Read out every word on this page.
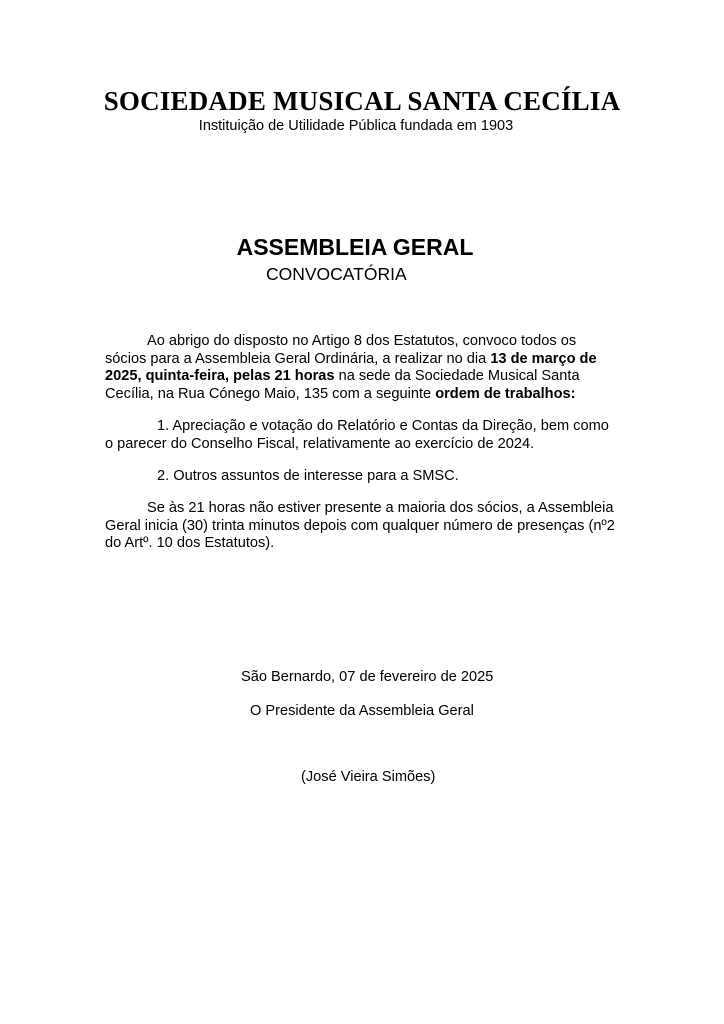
SOCIEDADE MUSICAL SANTA CECÍLIA
Instituição de Utilidade Pública fundada em 1903
ASSEMBLEIA GERAL
CONVOCATÓRIA

Ao abrigo do disposto no Artigo 8 dos Estatutos, convoco todos os sócios para a Assembleia Geral Ordinária, a realizar no dia 13 de março de 2025, quinta-feira, pelas 21 horas na sede da Sociedade Musical Santa Cecília, na Rua Cónego Maio, 135 com a seguinte ordem de trabalhos:

1. Apreciação e votação do Relatório e Contas da Direção, bem como o parecer do Conselho Fiscal, relativamente ao exercício de 2024.

2. Outros assuntos de interesse para a SMSC.

Se às 21 horas não estiver presente a maioria dos sócios, a Assembleia Geral inicia (30) trinta minutos depois com qualquer número de presenças (nº2 do Artº. 10 dos Estatutos).

São Bernardo, 07 de fevereiro de 2025
O Presidente da Assembleia Geral
(José Vieira Simões)
